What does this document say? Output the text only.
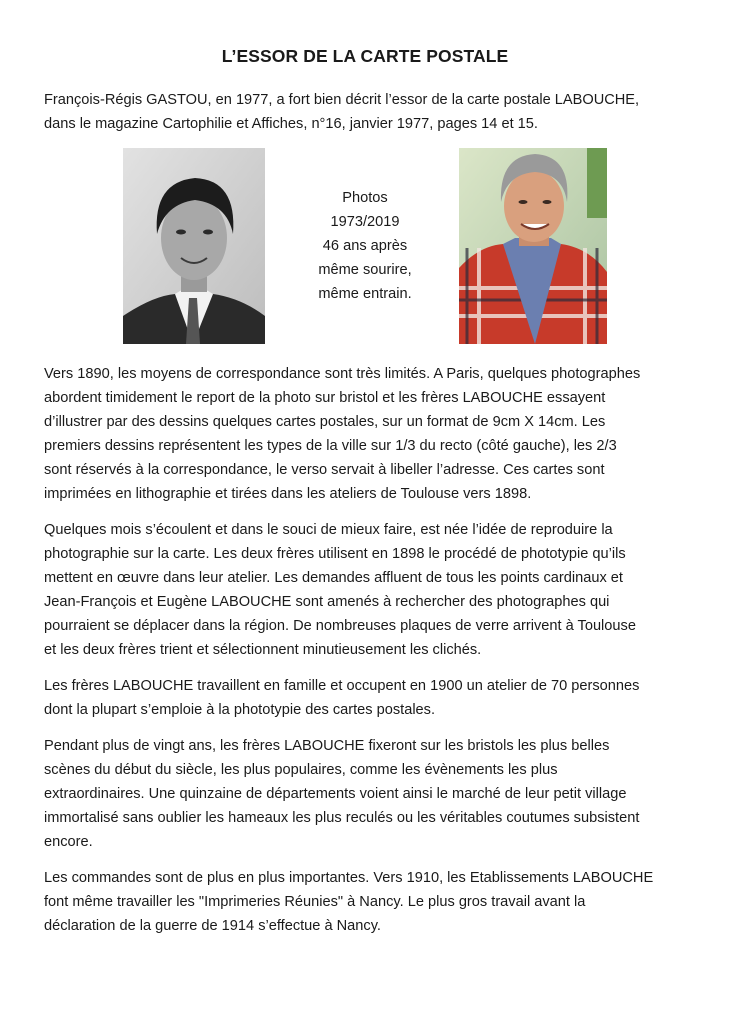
L’ESSOR DE LA CARTE POSTALE

François-Régis GASTOU, en 1977, a fort bien décrit l’essor de la carte postale LABOUCHE,
dans le magazine Cartophilie et Affiches, n°16, janvier 1977, pages 14 et 15.

Photos
1973/2019
46 ans après
même sourire,
même entrain.

Vers 1890, les moyens de correspondance sont très limités. A Paris, quelques photographes
abordent timidement le report de la photo sur bristol et les frères LABOUCHE essayent
d’illustrer par des dessins quelques cartes postales, sur un format de 9cm X 14cm. Les
premiers dessins représentent les types de la ville sur 1/3 du recto (côté gauche), les 2/3
sont réservés à la correspondance, le verso servait à libeller l’adresse. Ces cartes sont
imprimées en lithographie et tirées dans les ateliers de Toulouse vers 1898.

Quelques mois s’écoulent et dans le souci de mieux faire, est née l’idée de reproduire la
photographie sur la carte. Les deux frères utilisent en 1898 le procédé de phototypie qu’ils
mettent en œuvre dans leur atelier. Les demandes affluent de tous les points cardinaux et
Jean-François et Eugène LABOUCHE sont amenés à rechercher des photographes qui
pourraient se déplacer dans la région. De nombreuses plaques de verre arrivent à Toulouse
et les deux frères trient et sélectionnent minutieusement les clichés.

Les frères LABOUCHE travaillent en famille et occupent en 1900 un atelier de 70 personnes
dont la plupart s’emploie à la phototypie des cartes postales.

Pendant plus de vingt ans, les frères LABOUCHE fixeront sur les bristols les plus belles
scènes du début du siècle, les plus populaires, comme les évènements les plus
extraordinaires. Une quinzaine de départements voient ainsi le marché de leur petit village
immortalisé sans oublier les hameaux les plus reculés ou les véritables coutumes subsistent
encore.

Les commandes sont de plus en plus importantes. Vers 1910, les Etablissements LABOUCHE
font même travailler les "Imprimeries Réunies" à Nancy. Le plus gros travail avant la
déclaration de la guerre de 1914 s’effectue à Nancy.
